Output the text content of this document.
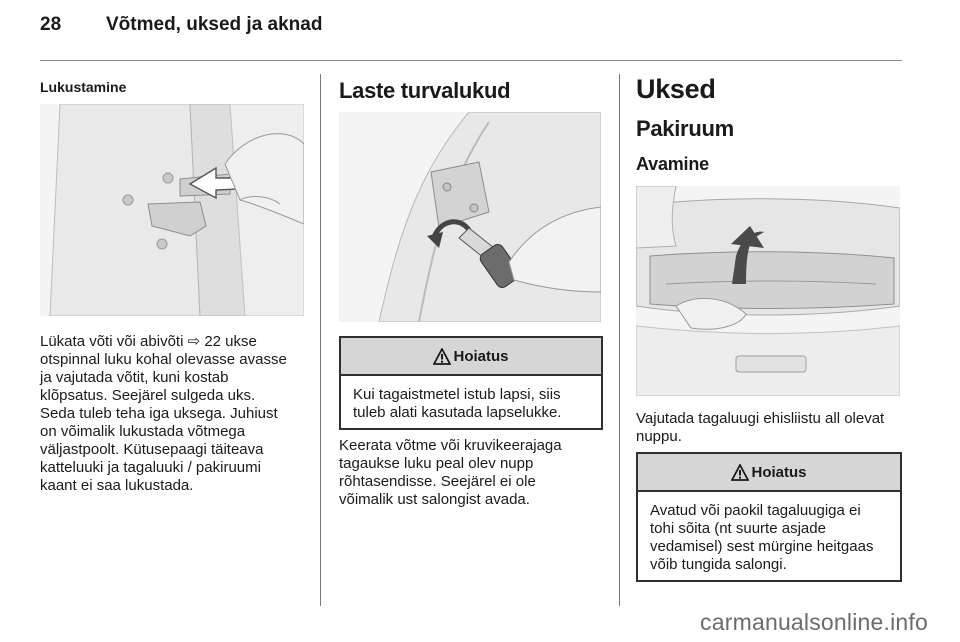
28 Võtmed, uksed ja aknad
Lukustamine
Lükata võti või abivõti ⇨ 22 ukse
otspinnal luku kohal olevasse avasse
ja vajutada võtit, kuni kostab
klõpsatus. Seejärel sulgeda uks.
Seda tuleb teha iga uksega. Juhiust
on võimalik lukustada võtmega
väljastpoolt. Kütusepaagi täiteava
katteluuki ja tagaluuki / pakiruumi
kaant ei saa lukustada.
Laste turvalukud
Hoiatus
Kui tagaistmetel istub lapsi, siis
tuleb alati kasutada lapselukke.
Keerata võtme või kruvikeerajaga
tagaukse luku peal olev nupp
rõhtasendisse. Seejärel ei ole
võimalik ust salongist avada.
Uksed
Pakiruum
Avamine
Vajutada tagaluugi ehisliistu all olevat
nuppu.
Hoiatus
Avatud või paokil tagaluugiga ei
tohi sõita (nt suurte asjade
vedamisel) sest mürgine heitgaas
võib tungida salongi.
carmanualsonline.info
